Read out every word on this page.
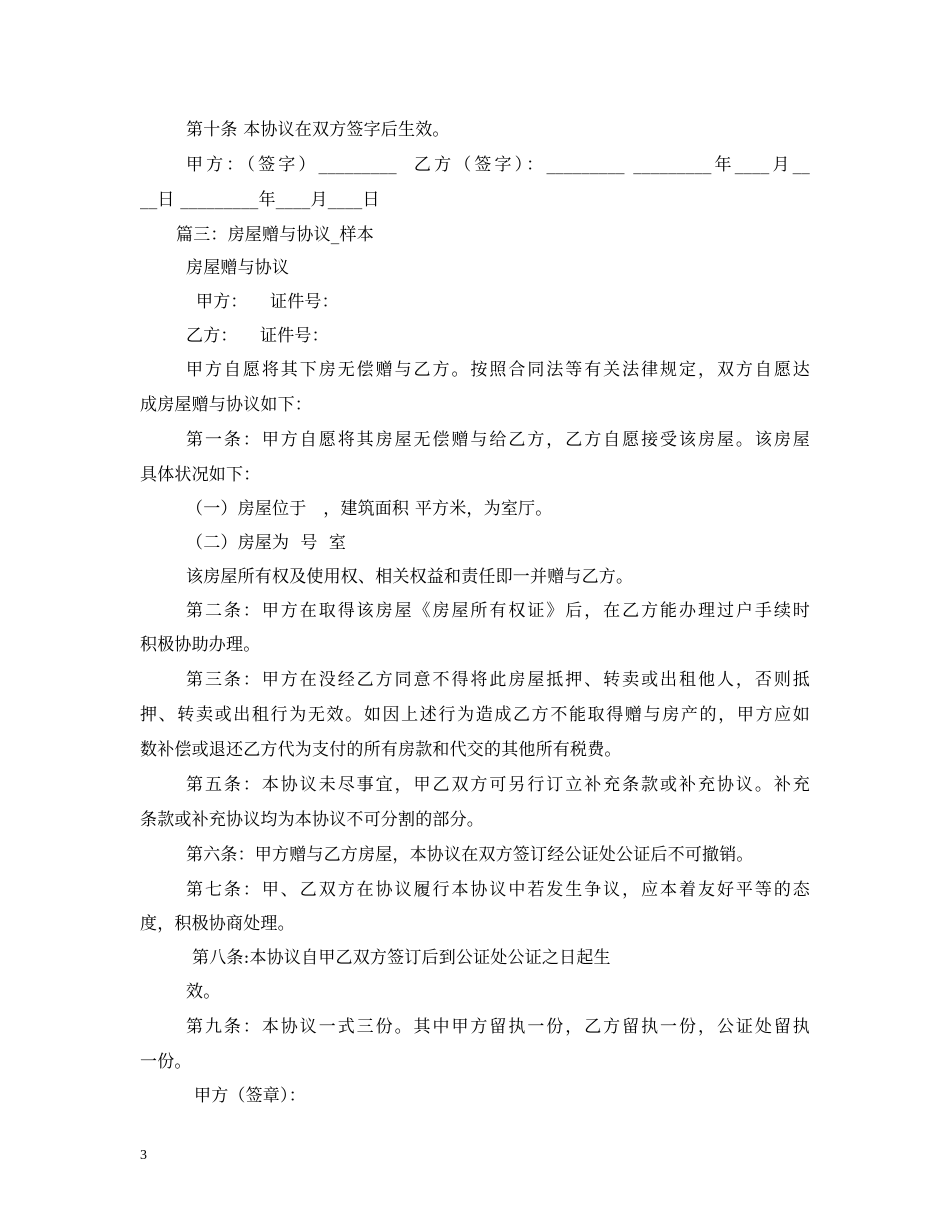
第十条 本协议在双方签字后生效。
甲方：（签字）_________  乙方（签字）：_________ _________年____月__
__日 _________年____月____日
篇三：房屋赠与协议_样本
房屋赠与协议
甲方：    证件号：
乙方：    证件号：
甲方自愿将其下房无偿赠与乙方。按照合同法等有关法律规定，双方自愿达
成房屋赠与协议如下：
第一条：甲方自愿将其房屋无偿赠与给乙方，乙方自愿接受该房屋。该房屋
具体状况如下：
（一）房屋位于   ，建筑面积 平方米，为室厅。
（二）房屋为  号  室
该房屋所有权及使用权、相关权益和责任即一并赠与乙方。
第二条：甲方在取得该房屋《房屋所有权证》后，在乙方能办理过户手续时
积极协助办理。
第三条：甲方在没经乙方同意不得将此房屋抵押、转卖或出租他人，否则抵
押、转卖或出租行为无效。如因上述行为造成乙方不能取得赠与房产的，甲方应如
数补偿或退还乙方代为支付的所有房款和代交的其他所有税费。
第五条：本协议未尽事宜，甲乙双方可另行订立补充条款或补充协议。补充
条款或补充协议均为本协议不可分割的部分。
第六条：甲方赠与乙方房屋，本协议在双方签订经公证处公证后不可撤销。
第七条：甲、乙双方在协议履行本协议中若发生争议，应本着友好平等的态
度，积极协商处理。
第八条:本协议自甲乙双方签订后到公证处公证之日起生
效。
第九条：本协议一式三份。其中甲方留执一份，乙方留执一份，公证处留执
一份。
甲方（签章）：
3
